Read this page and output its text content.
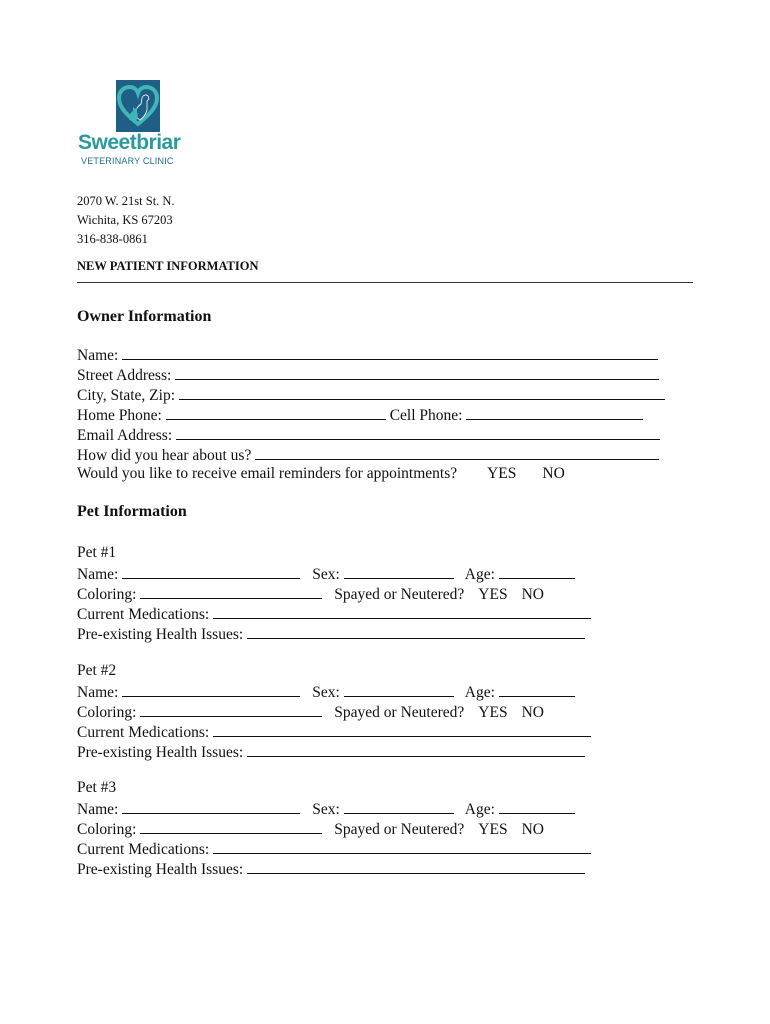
Sweetbriar
VETERINARY CLINIC
2070 W. 21st St. N.
Wichita, KS 67203
316-838-0861
NEW PATIENT INFORMATION
Owner Information
Name:
Street Address:
City, State, Zip:
Home Phone:	Cell Phone:
Email Address:
How did you hear about us?
Would you like to receive email reminders for appointments? YES NO
Pet Information
Pet #1
Name:	Sex:	Age:
Coloring:	Spayed or Neutered? YES NO
Current Medications:
Pre-existing Health Issues:
Pet #2
Name:	Sex:	Age:
Coloring:	Spayed or Neutered? YES NO
Current Medications:
Pre-existing Health Issues:
Pet #3
Name:	Sex:	Age:
Coloring:	Spayed or Neutered? YES NO
Current Medications:
Pre-existing Health Issues:
